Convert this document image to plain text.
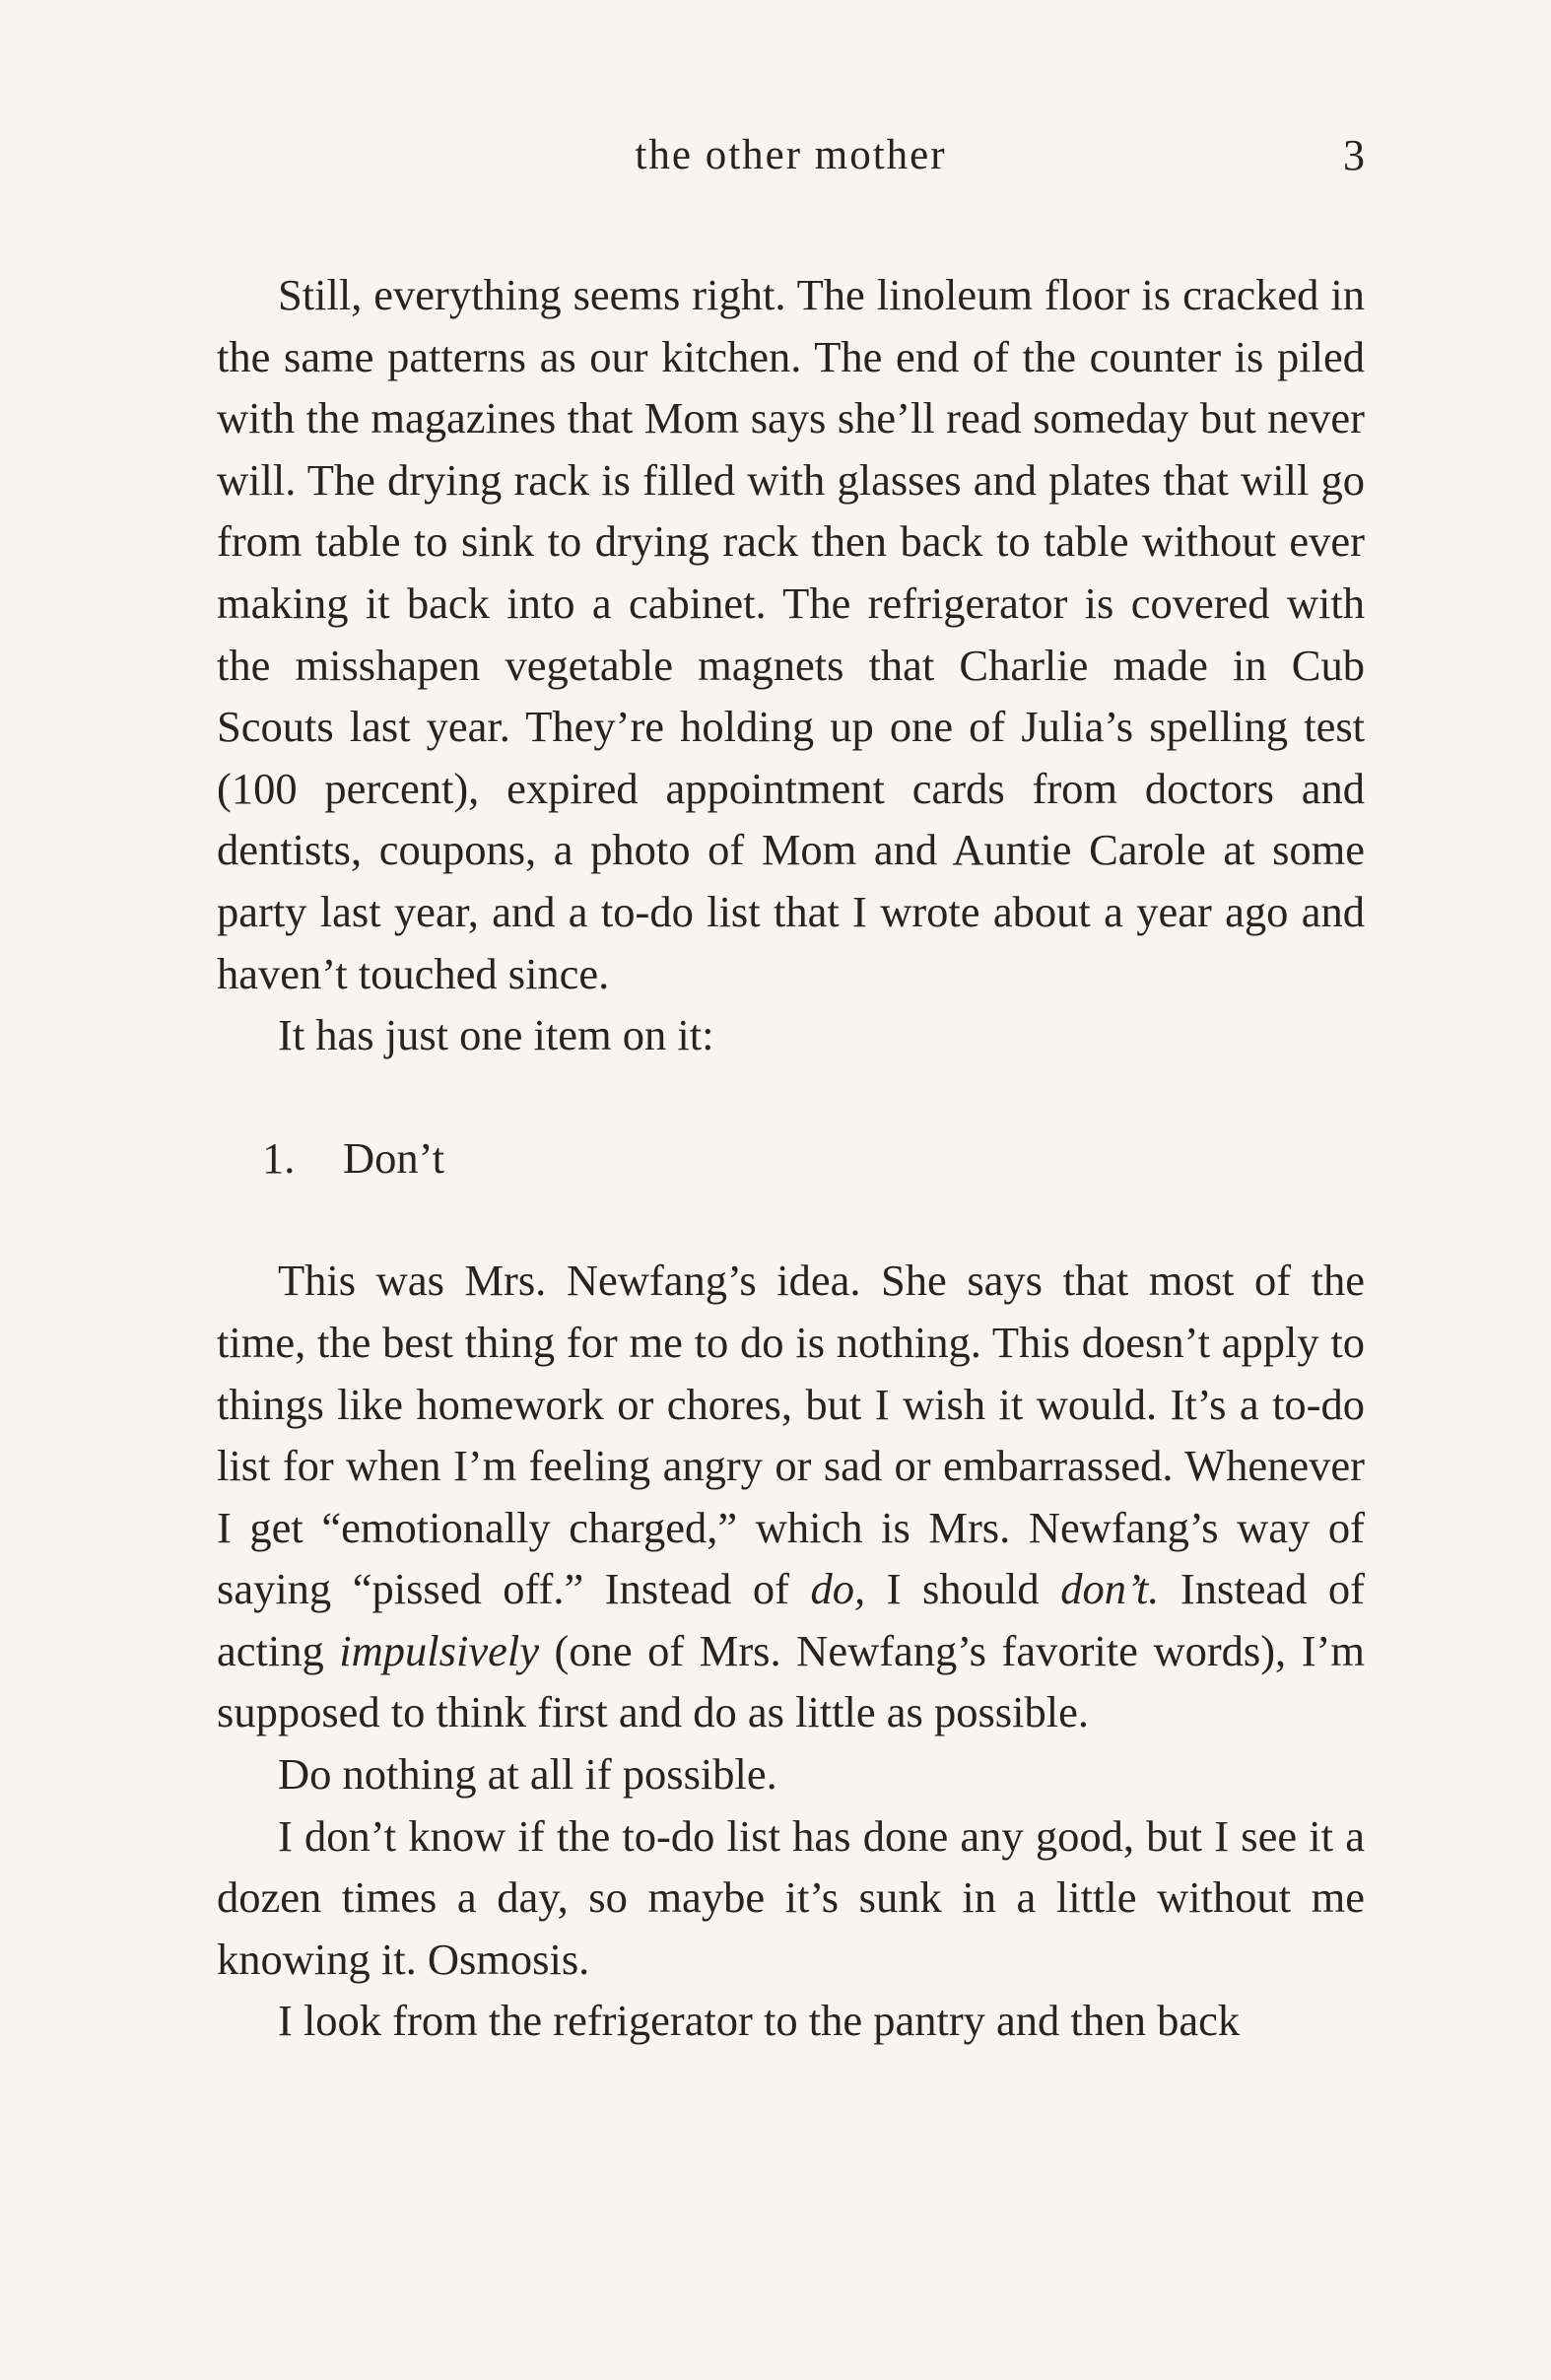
the other mother	3

Still, everything seems right. The linoleum floor is cracked in the same patterns as our kitchen. The end of the counter is piled with the magazines that Mom says she’ll read someday but never will. The drying rack is filled with glasses and plates that will go from table to sink to drying rack then back to table without ever making it back into a cabinet. The refrigerator is covered with the misshapen vegetable magnets that Charlie made in Cub Scouts last year. They’re holding up one of Julia’s spelling test (100 percent), expired appointment cards from doctors and dentists, coupons, a photo of Mom and Auntie Carole at some party last year, and a to-do list that I wrote about a year ago and haven’t touched since.

It has just one item on it:

1.	Don’t

This was Mrs. Newfang’s idea. She says that most of the time, the best thing for me to do is nothing. This doesn’t apply to things like homework or chores, but I wish it would. It’s a to-do list for when I’m feeling angry or sad or embarrassed. Whenever I get “emotionally charged,” which is Mrs. Newfang’s way of saying “pissed off.” Instead of do, I should don’t. Instead of acting impulsively (one of Mrs. Newfang’s favorite words), I’m supposed to think first and do as little as possible.

Do nothing at all if possible.

I don’t know if the to-do list has done any good, but I see it a dozen times a day, so maybe it’s sunk in a little without me knowing it. Osmosis.

I look from the refrigerator to the pantry and then back
